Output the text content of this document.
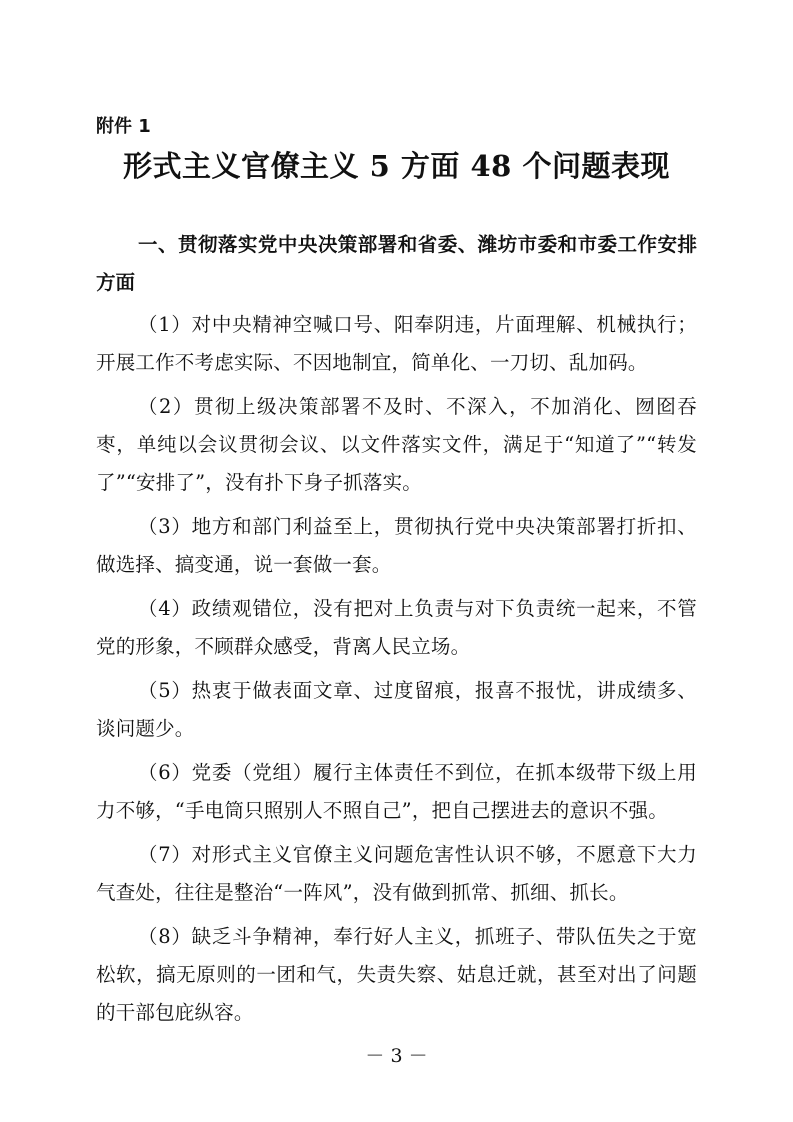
附件 1
形式主义官僚主义 5 方面 48 个问题表现

一、贯彻落实党中央决策部署和省委、潍坊市委和市委工作安排方面

（1）对中央精神空喊口号、阳奉阴违，片面理解、机械执行；开展工作不考虑实际、不因地制宜，简单化、一刀切、乱加码。

（2）贯彻上级决策部署不及时、不深入，不加消化、囫囵吞枣，单纯以会议贯彻会议、以文件落实文件，满足于“知道了”“转发了”“安排了”，没有扑下身子抓落实。

（3）地方和部门利益至上，贯彻执行党中央决策部署打折扣、做选择、搞变通，说一套做一套。

（4）政绩观错位，没有把对上负责与对下负责统一起来，不管党的形象，不顾群众感受，背离人民立场。

（5）热衷于做表面文章、过度留痕，报喜不报忧，讲成绩多、谈问题少。

（6）党委（党组）履行主体责任不到位，在抓本级带下级上用力不够，“手电筒只照别人不照自己”，把自己摆进去的意识不强。

（7）对形式主义官僚主义问题危害性认识不够，不愿意下大力气查处，往往是整治“一阵风”，没有做到抓常、抓细、抓长。

（8）缺乏斗争精神，奉行好人主义，抓班子、带队伍失之于宽松软，搞无原则的一团和气，失责失察、姑息迁就，甚至对出了问题的干部包庇纵容。

－ 3 －
